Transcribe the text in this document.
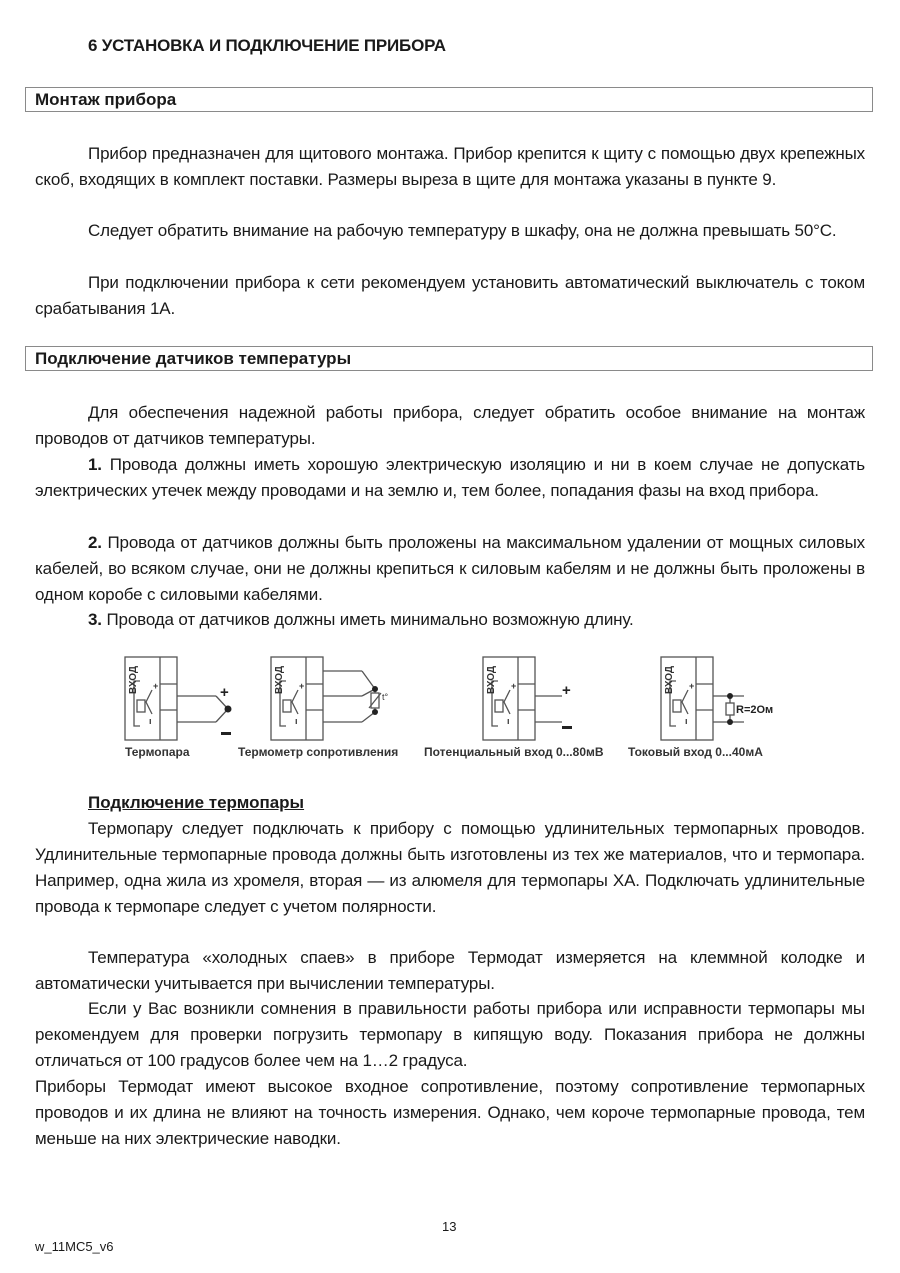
6 УСТАНОВКА И ПОДКЛЮЧЕНИЕ ПРИБОРА
Монтаж прибора
Прибор предназначен для щитового монтажа. Прибор крепится к щиту с помощью двух крепежных скоб, входящих в комплект поставки. Размеры выреза в щите для монтажа указаны в пункте 9.
Следует обратить внимание на рабочую температуру в шкафу, она не должна превышать 50°С.
При подключении прибора к сети рекомендуем установить автоматический выключатель с током срабатывания 1А.
Подключение датчиков температуры
Для обеспечения надежной работы прибора, следует обратить особое внимание на монтаж проводов от датчиков температуры.
1. Провода должны иметь хорошую электрическую изоляцию и ни в коем случае не допускать электрических утечек между проводами и на землю и, тем более, попадания фазы на вход прибора.
2. Провода от датчиков должны быть проложены на максимальном удалении от мощных силовых кабелей, во всяком случае, они не должны крепиться к силовым кабелям и не должны быть проложены в одном коробе с силовыми кабелями.
3. Провода от датчиков должны иметь минимально возможную длину.
+
ı
+
ВХОД
Термопара
+
ı
t°
ВХОД
Термометр сопротивления
+
ı
+
ВХОД
Потенциальный вход 0...80мВ
+
ı
R=2Ом
ВХОД
Токовый вход 0...40мА
Подключение термопары
Термопару следует подключать к прибору с помощью удлинительных термопарных проводов. Удлинительные термопарные провода должны быть изготовлены из тех же материалов, что и термопара. Например, одна жила из хромеля, вторая — из алюмеля для термопары ХА. Подключать удлинительные провода к термопаре следует с учетом полярности.
Температура «холодных спаев» в приборе Термодат измеряется на клеммной колодке и автоматически учитывается при вычислении температуры.
Если у Вас возникли сомнения в правильности работы прибора или исправности термопары мы рекомендуем для проверки погрузить термопару в кипящую воду. Показания прибора не должны отличаться от 100 градусов более чем на 1…2 градуса.
Приборы Термодат имеют высокое входное сопротивление, поэтому сопротивление термопарных проводов и их длина не влияют на точность измерения. Однако, чем короче термопарные провода, тем меньше на них электрические наводки.
13
w_11MC5_v6
